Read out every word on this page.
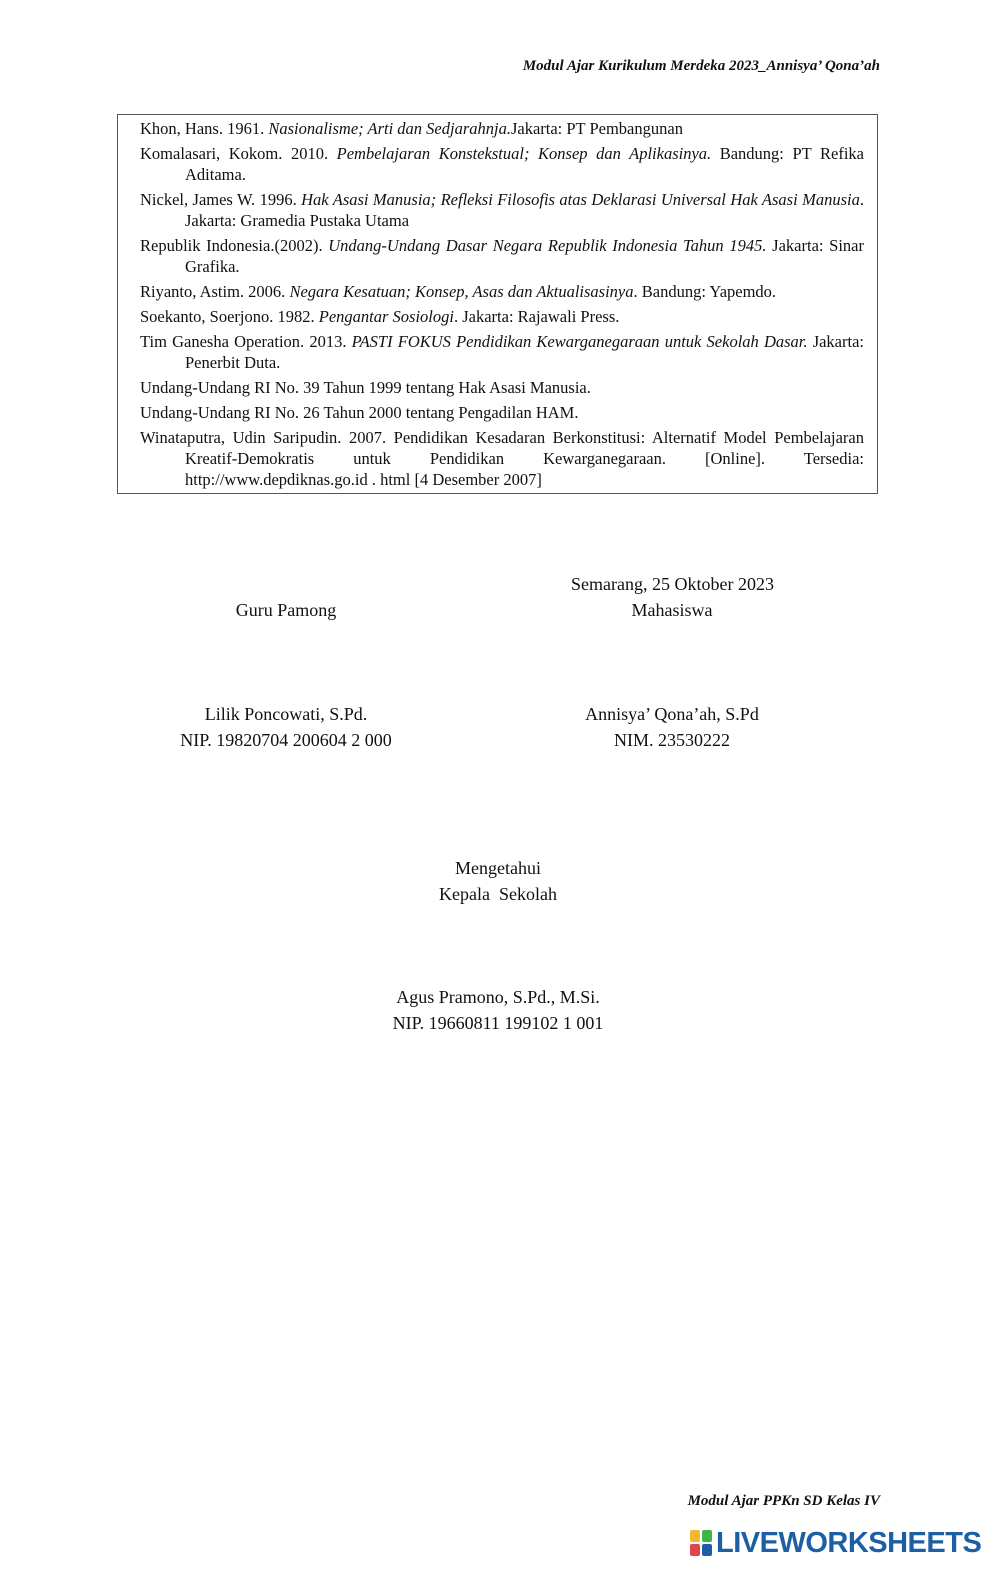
Modul Ajar Kurikulum Merdeka 2023_Annisya’ Qona’ah

Khon, Hans. 1961. Nasionalisme; Arti dan Sedjarahnja.Jakarta: PT Pembangunan

Komalasari, Kokom. 2010. Pembelajaran Konstekstual; Konsep dan Aplikasinya. Bandung: PT Refika Aditama.

Nickel, James W. 1996. Hak Asasi Manusia; Refleksi Filosofis atas Deklarasi Universal Hak Asasi Manusia. Jakarta: Gramedia Pustaka Utama

Republik Indonesia.(2002). Undang-Undang Dasar Negara Republik Indonesia Tahun 1945. Jakarta: Sinar Grafika.

Riyanto, Astim. 2006. Negara Kesatuan; Konsep, Asas dan Aktualisasinya. Bandung: Yapemdo.

Soekanto, Soerjono. 1982. Pengantar Sosiologi. Jakarta: Rajawali Press.

Tim Ganesha Operation. 2013. PASTI FOKUS Pendidikan Kewarganegaraan untuk Sekolah Dasar. Jakarta: Penerbit Duta.

Undang-Undang RI No. 39 Tahun 1999 tentang Hak Asasi Manusia.

Undang-Undang RI No. 26 Tahun 2000 tentang Pengadilan HAM.

Winataputra, Udin Saripudin. 2007. Pendidikan Kesadaran Berkonstitusi: Alternatif Model Pembelajaran Kreatif-Demokratis untuk Pendidikan Kewarganegaraan. [Online]. Tersedia: http://www.depdiknas.go.id . html [4 Desember 2007]

Semarang, 25 Oktober 2023
Guru Pamong	Mahasiswa
Lilik Poncowati, S.Pd.
NIP. 19820704 200604 2 000
Annisya’ Qona’ah, S.Pd
NIM. 23530222
Mengetahui
Kepala  Sekolah
Agus Pramono, S.Pd., M.Si.
NIP. 19660811 199102 1 001
Modul Ajar PPKn SD Kelas IV
LIVEWORKSHEETS
